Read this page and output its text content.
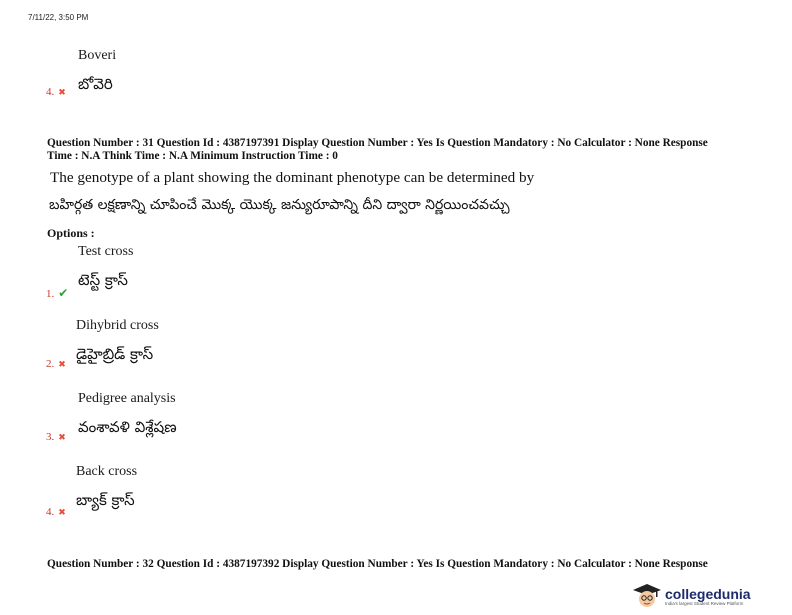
7/11/22, 3:50 PM
Boveri
4. ✖ బోవెరి
Question Number : 31 Question Id : 4387197391 Display Question Number : Yes Is Question Mandatory : No Calculator : None Response
Time : N.A Think Time : N.A Minimum Instruction Time : 0
The genotype of a plant showing the dominant phenotype can be determined by
బహిర్గత లక్షణాన్ని చూపించే మొక్క యొక్క జన్యురూపాన్ని దీని ద్వారా నిర్ణయించవచ్చు
Options :
Test cross
టెస్ట్ క్రాస్
1. ✔
Dihybrid cross
డైహైబ్రిడ్ క్రాస్
2. ✖
Pedigree analysis
వంశావళి విశ్లేషణ
3. ✖
Back cross
బ్యాక్ క్రాస్
4. ✖
Question Number : 32 Question Id : 4387197392 Display Question Number : Yes Is Question Mandatory : No Calculator : None Response
collegedunia
India's largest Student Review Platform
